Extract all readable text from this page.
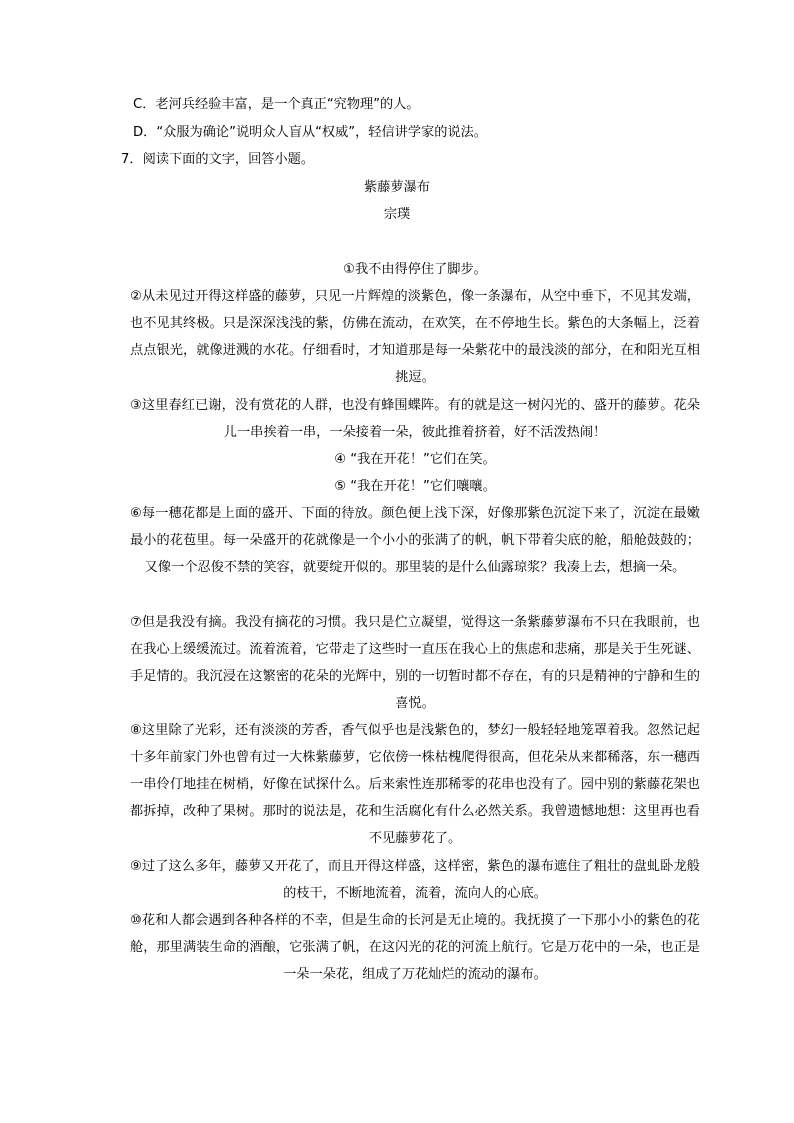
C．老河兵经验丰富，是一个真正“究物理”的人。
D．“众服为确论”说明众人盲从“权威”，轻信讲学家的说法。
7．阅读下面的文字，回答小题。
紫藤萝瀑布
宗璞
①我不由得停住了脚步。
②从未见过开得这样盛的藤萝，只见一片辉煌的淡紫色，像一条瀑布，从空中垂下，不见其发端，也不见其终极。只是深深浅浅的紫，仿佛在流动，在欢笑，在不停地生长。紫色的大条幅上，泛着点点银光，就像迸溅的水花。仔细看时，才知道那是每一朵紫花中的最浅淡的部分，在和阳光互相挑逗。
③这里春红已谢，没有赏花的人群，也没有蜂围蝶阵。有的就是这一树闪光的、盛开的藤萝。花朵儿一串挨着一串，一朵接着一朵，彼此推着挤着，好不活泼热闹！
④ “我在开花！”它们在笑。
⑤ “我在开花！”它们嚷嚷。
⑥每一穗花都是上面的盛开、下面的待放。颜色便上浅下深，好像那紫色沉淀下来了，沉淀在最嫩最小的花苞里。每一朵盛开的花就像是一个小小的张满了的帆，帆下带着尖底的舱，船舱鼓鼓的；又像一个忍俊不禁的笑容，就要绽开似的。那里装的是什么仙露琼浆？我凑上去，想摘一朵。
⑦但是我没有摘。我没有摘花的习惯。我只是伫立凝望，觉得这一条紫藤萝瀑布不只在我眼前，也在我心上缓缓流过。流着流着，它带走了这些时一直压在我心上的焦虑和悲痛，那是关于生死谜、手足情的。我沉浸在这繁密的花朵的光辉中，别的一切暂时都不存在，有的只是精神的宁静和生的喜悦。
⑧这里除了光彩，还有淡淡的芳香，香气似乎也是浅紫色的，梦幻一般轻轻地笼罩着我。忽然记起十多年前家门外也曾有过一大株紫藤萝，它依傍一株枯槐爬得很高，但花朵从来都稀落，东一穗西一串伶仃地挂在树梢，好像在试探什么。后来索性连那稀零的花串也没有了。园中别的紫藤花架也都拆掉，改种了果树。那时的说法是，花和生活腐化有什么必然关系。我曾遗憾地想：这里再也看不见藤萝花了。
⑨过了这么多年，藤萝又开花了，而且开得这样盛，这样密，紫色的瀑布遮住了粗壮的盘虬卧龙般的枝干，不断地流着，流着，流向人的心底。
⑩花和人都会遇到各种各样的不幸，但是生命的长河是无止境的。我抚摸了一下那小小的紫色的花舱，那里满装生命的酒酿，它张满了帆，在这闪光的花的河流上航行。它是万花中的一朵，也正是一朵一朵花，组成了万花灿烂的流动的瀑布。
